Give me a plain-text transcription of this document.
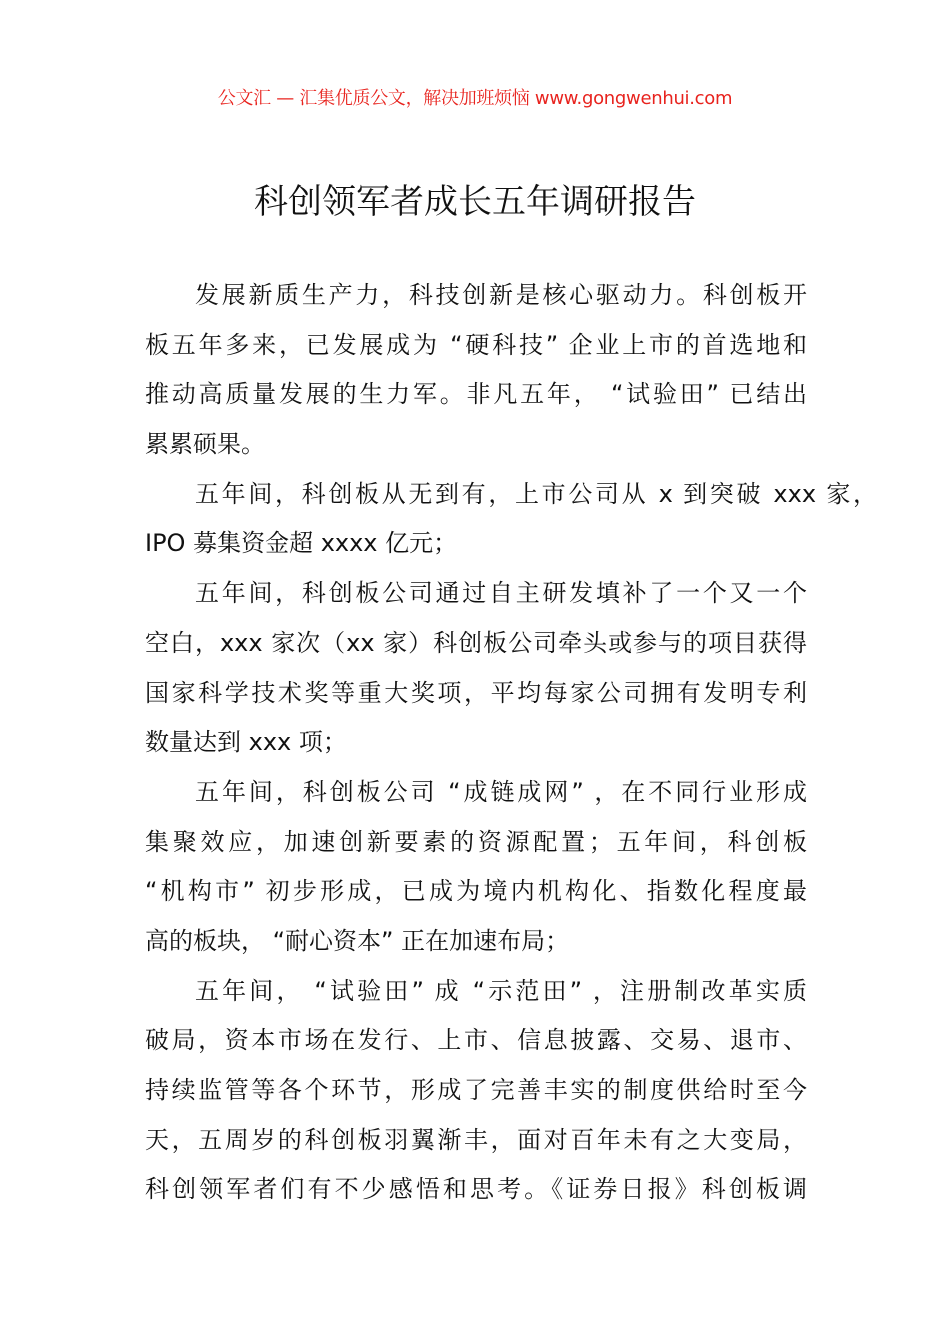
公文汇 — 汇集优质公文，解决加班烦恼 www.gongwenhui.com
科创领军者成长五年调研报告
发展新质生产力，科技创新是核心驱动力。科创板开
板五年多来，已发展成为 “硬科技” 企业上市的首选地和
推动高质量发展的生力军。非凡五年， “试验田” 已结出
累累硕果。
五年间，科创板从无到有，上市公司从 x 到突破 xxx 家，
IPO 募集资金超 xxxx 亿元；
五年间，科创板公司通过自主研发填补了一个又一个
空白，xxx 家次（xx 家）科创板公司牵头或参与的项目获得
国家科学技术奖等重大奖项，平均每家公司拥有发明专利
数量达到 xxx 项；
五年间，科创板公司 “成链成网” ，在不同行业形成
集聚效应，加速创新要素的资源配置；五年间，科创板
“机构市” 初步形成，已成为境内机构化、指数化程度最
高的板块， “耐心资本” 正在加速布局；
五年间， “试验田” 成 “示范田” ，注册制改革实质
破局，资本市场在发行、上市、信息披露、交易、退市、
持续监管等各个环节，形成了完善丰实的制度供给时至今
天，五周岁的科创板羽翼渐丰，面对百年未有之大变局，
科创领军者们有不少感悟和思考。《证券日报》科创板调
